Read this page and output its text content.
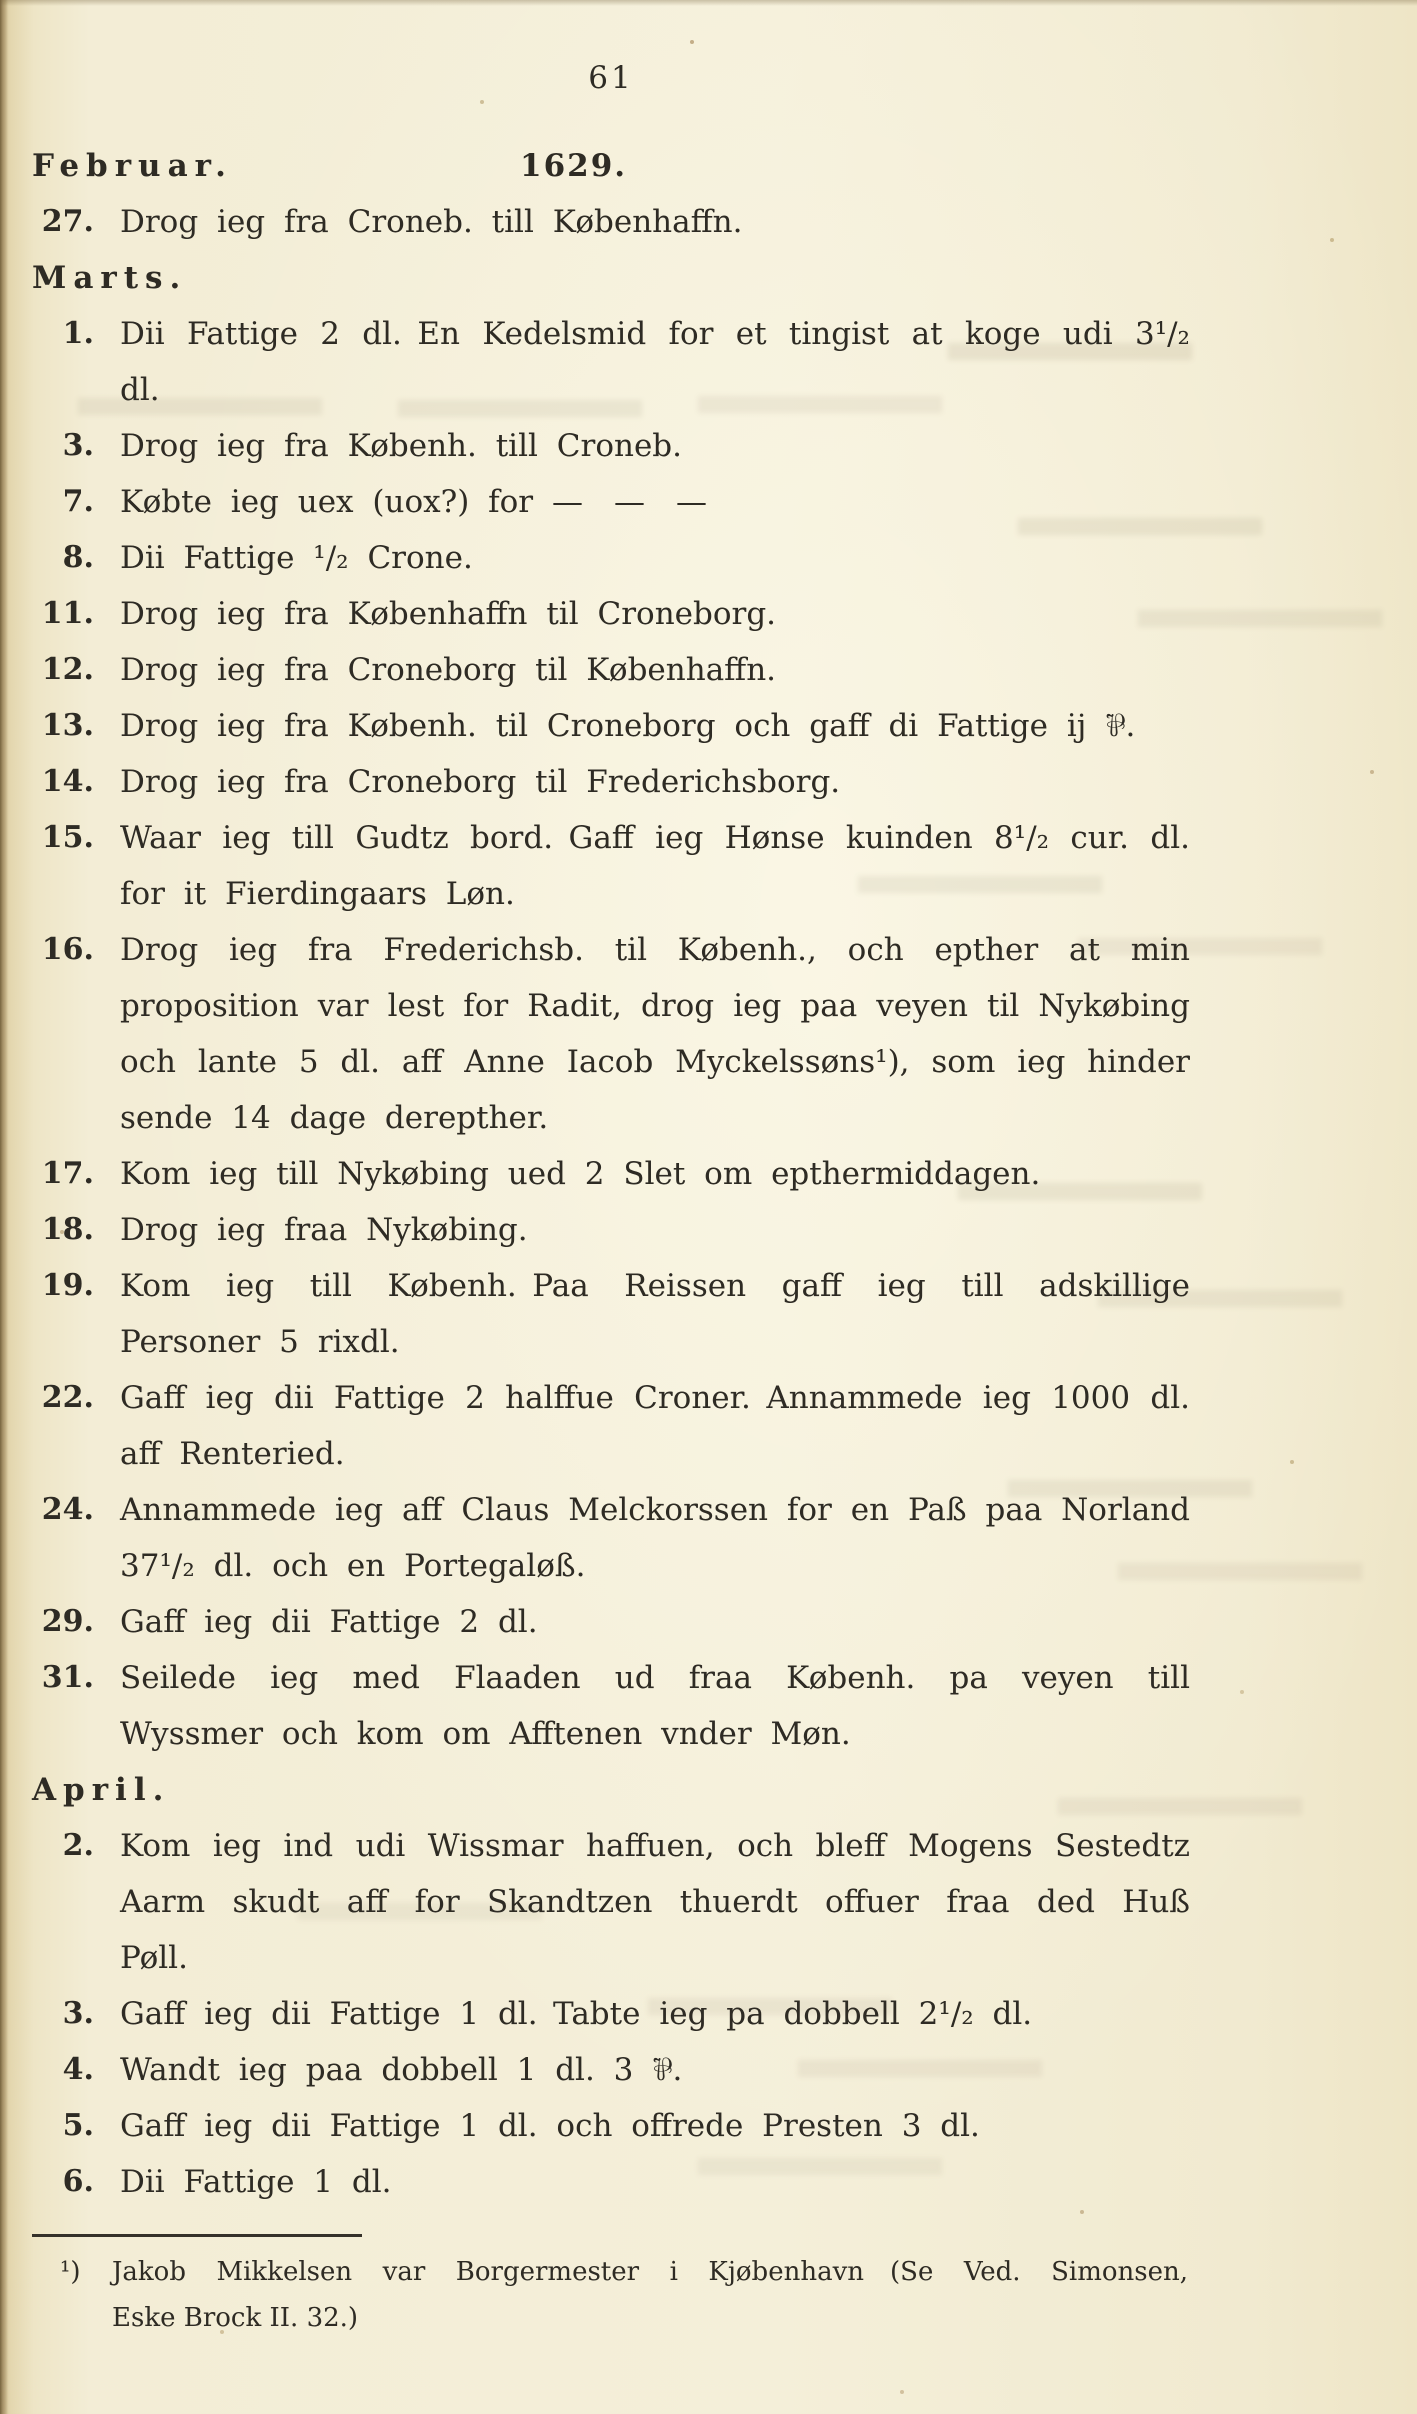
61
Februar.	1629.
27. Drog ieg fra Croneb. till Københaffn.
Marts.
1. Dii Fattige 2 dl. En Kedelsmid for et tingist at koge udi 3¹/₂ dl.
3. Drog ieg fra Københ. till Croneb.
7. Købte ieg uex (uox?) for — — —
8. Dii Fattige ¹/₂ Crone.
11. Drog ieg fra Københaffn til Croneborg.
12. Drog ieg fra Croneborg til Københaffn.
13. Drog ieg fra Københ. til Croneborg och gaff di Fattige ij ⅌.
14. Drog ieg fra Croneborg til Frederichsborg.
15. Waar ieg till Gudtz bord. Gaff ieg Hønse kuinden 8¹/₂ cur. dl. for it Fierdingaars Løn.
16. Drog ieg fra Frederichsb. til Københ., och epther at min proposition var lest for Radit, drog ieg paa veyen til Nykøbing och lante 5 dl. aff Anne Iacob Myckelssøns¹), som ieg hinder sende 14 dage derepther.
17. Kom ieg till Nykøbing ued 2 Slet om epthermiddagen.
18. Drog ieg fraa Nykøbing.
19. Kom ieg till Københ. Paa Reissen gaff ieg till adskillige Personer 5 rixdl.
22. Gaff ieg dii Fattige 2 halffue Croner. Annammede ieg 1000 dl. aff Renteried.
24. Annammede ieg aff Claus Melckorssen for en Paß paa Norland 37¹/₂ dl. och en Portegaløß.
29. Gaff ieg dii Fattige 2 dl.
31. Seilede ieg med Flaaden ud fraa Københ. pa veyen till Wyssmer och kom om Afftenen vnder Møn.
April.
2. Kom ieg ind udi Wissmar haffuen, och bleff Mogens Sestedtz Aarm skudt aff for Skandtzen thuerdt offuer fraa ded Huß Pøll.
3. Gaff ieg dii Fattige 1 dl. Tabte ieg pa dobbell 2¹/₂ dl.
4. Wandt ieg paa dobbell 1 dl. 3 ⅌.
5. Gaff ieg dii Fattige 1 dl. och offrede Presten 3 dl.
6. Dii Fattige 1 dl.
¹)	Jakob Mikkelsen var Borgermester i Kjøbenhavn (Se Ved. Simonsen,
Eske Brock II. 32.)
